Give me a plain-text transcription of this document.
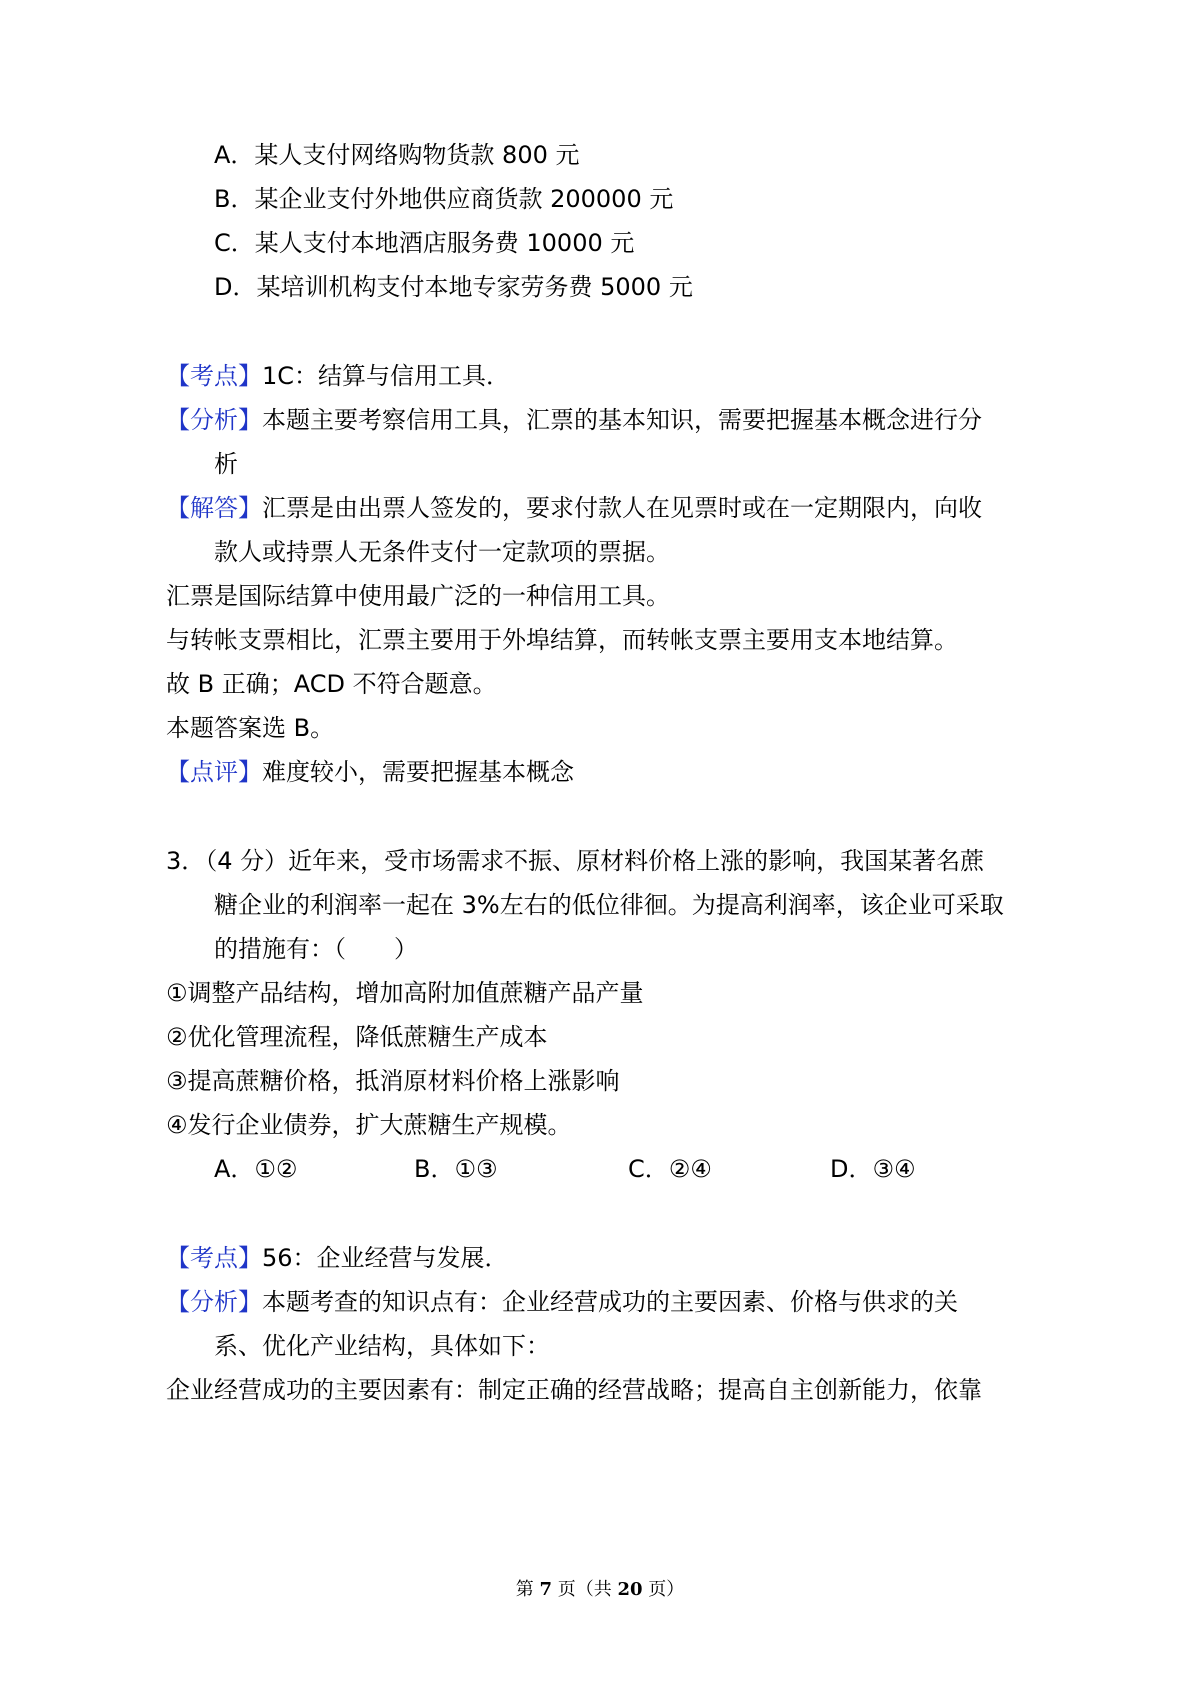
A．某人支付网络购物货款 800 元
B．某企业支付外地供应商货款 200000 元
C．某人支付本地酒店服务费 10000 元
D．某培训机构支付本地专家劳务费 5000 元
【考点】1C：结算与信用工具．
【分析】本题主要考察信用工具，汇票的基本知识，需要把握基本概念进行分
析
【解答】汇票是由出票人签发的，要求付款人在见票时或在一定期限内，向收
款人或持票人无条件支付一定款项的票据。
汇票是国际结算中使用最广泛的一种信用工具。
与转帐支票相比，汇票主要用于外埠结算，而转帐支票主要用支本地结算。
故 B 正确；ACD 不符合题意。
本题答案选 B。
【点评】难度较小，需要把握基本概念
3．（4 分）近年来，受市场需求不振、原材料价格上涨的影响，我国某著名蔗
糖企业的利润率一起在 3%左右的低位徘徊。为提高利润率，该企业可采取
的措施有：（　　）
①调整产品结构，增加高附加值蔗糖产品产量
②优化管理流程，降低蔗糖生产成本
③提高蔗糖价格，抵消原材料价格上涨影响
④发行企业债券，扩大蔗糖生产规模。
A．①②	B．①③	C．②④	D．③④
【考点】56：企业经营与发展．
【分析】本题考查的知识点有：企业经营成功的主要因素、价格与供求的关
系、优化产业结构，具体如下：
企业经营成功的主要因素有：制定正确的经营战略；提高自主创新能力，依靠
第 7 页（共 20 页）
